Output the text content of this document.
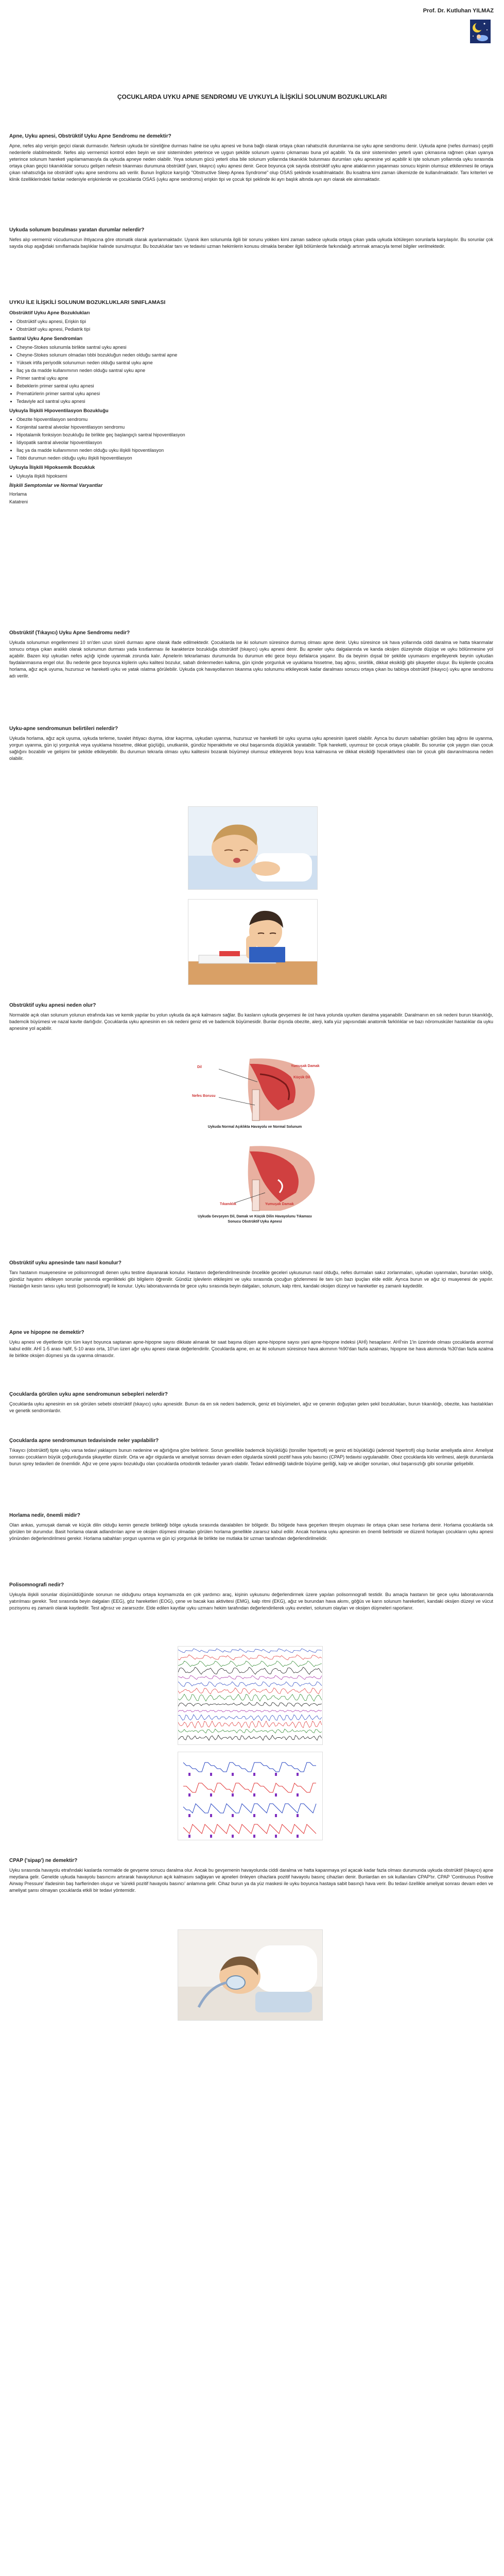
Prof. Dr. Kutluhan YILMAZ
ÇOCUKLARDA UYKU APNE SENDROMU VE UYKUYLA İLİŞKİLİ SOLUNUM BOZUKLUKLARI
Apne, Uyku apnesi, Obstrüktif Uyku Apne Sendromu ne demektir?
Apne, nefes alıp verişin geçici olarak durmasıdır. Nefesin uykuda bir süreliğine durması haline ise uyku apnesi ve buna bağlı olarak ortaya çıkan rahatsızlık durumlarına ise uyku apne sendromu denir. Uykuda apne (nefes durması) çeşitli nedenlerle olabilmektedir. Nefes alıp vermemizi kontrol eden beyin ve sinir sisteminden yeterince ve uygun şekilde solunum uyarısı çıkmaması buna yol açabilir. Ya da sinir sisteminden yeterli uyarı çıkmasına rağmen çıkan uyarıya yeterince solunum hareketi yapılamamasıyla da uykuda apneye neden olabilir. Yeya solunum gücü yeterli olsa bile solunum yollarında tıkanıklık bulunması durumları uyku apnesine yol açabilir ki işte solunum yollarında uyku sırasında ortaya çıkan geçici tıkanıklıklar sonucu gelişen nefesin tıkanması durumuna obstrüktif (yani, tıkayıcı) uyku apnesi denir. Gece boyunca çok sayıda obstrüktif uyku apne ataklarının yaşanması sonucu kişinin olumsuz etkilenmesi ile ortaya çıkan rahatsızlığa ise obstrüktif uyku apne sendromu adı verilir. Bunun İngilizce karşılığı "Obstructive Sleep Apnea Syndrome" olup OSAS şeklinde kısaltılmaktadır. Bu kısaltma kimi zaman ülkemizde de kullanılmaktadır. Tanı kriterleri ve klinik özelliklerindeki farklar nedeniyle erişkinlerde ve çocuklarda OSAS (uyku apne sendromu) erişkin tipi ve çocuk tipi şeklinde iki ayrı başlık altında ayrı ayrı olarak ele alınmaktadır.
Uykuda solunum bozulması yaratan durumlar nelerdir?
Nefes alıp vermemiz vücudumuzun ihtiyacına göre otomatik olarak ayarlanmaktadır. Uyanık iken solunumla ilgili bir sorunu yokken kimi zaman sadece uykuda ortaya çıkan yada uykuda kötüleşen sorunlarla karşılaşılır. Bu sorunlar çok sayıda olup aşağıdaki sınıflamada başlıklar halinde sunulmuştur. Bu bozukluklar tanı ve tedavisi uzman hekimlerin konusu olmakla beraber ilgili bölümlerde farkındalığı artırmak amacıyla temel bilgiler verilmektedir.
UYKU İLE İLİŞKİLİ SOLUNUM BOZUKLUKLARI SINIFLAMASI
Obstrüktif Uyku Apne Bozuklukları
• Obstrüktif uyku apnesi, Erişkin tipi
• Obstrüktif uyku apnesi, Pediatrik tipi
Santral Uyku Apne Sendromları
• Cheyne-Stokes solunumla birlikte santral uyku apnesi
• Cheyne-Stokes solunum olmadan tıbbi bozukluğun neden olduğu santral apne
• Yüksek irtifa periyodik solunumun neden olduğu santral uyku apne
• İlaç ya da madde kullanımının neden olduğu santral uyku apne
• Primer santral uyku apne
• Bebeklerin primer santral uyku apnesi
• Prematürlerin primer santral uyku apnesi
• Tedaviyle acil santral uyku apnesi
Uykuyla İlişkili Hipoventilasyon Bozukluğu
• Obezite hipoventilasyon sendromu
• Konjenital santral alveolar hipoventilasyon sendromu
• Hipotalamik fonksiyon bozukluğu ile birlikte geç başlangıçlı santral hipoventilasyon
• İdiyopatik santral alveolar hipoventilasyon
• İlaç ya da madde kullanımının neden olduğu uyku ilişkili hipoventilasyon
• Tıbbi durumun neden olduğu uyku ilişkili hipoventilasyon
Uykuyla İlişkili Hipoksemik Bozukluk
• Uykuyla ilişkili hipoksemi
İlişkili Semptomlar ve Normal Varyantlar
Horlama
Katatreni
Obstrüktif (Tıkayıcı) Uyku Apne Sendromu nedir?
Uykuda solunumun engellenmesi 10 sn'den uzun süreli durması apne olarak ifade edilmektedir. Çocuklarda ise iki solunum süresince durmuş olması apne denir. Uyku süresince sık hava yollarında ciddi daralma ve hatta tıkanmalar sonucu ortaya çıkan aralıklı olarak solunumun durması yada kısıtlanması ile karakterize bozukluğa obstrüktif (tıkayıcı) uyku apnesi denir. Bu apneler uyku dalgalarında ve kanda oksijen düzeyinde düşüşe ve uyku bölünmesine yol açabilir. Bazen kişi uykudan nefes açlığı içinde uyanmak zorunda kalır. Apnelerin tekrarlaması durumunda bu durumun etki gece boyu defalarca yaşanır. Bu da beyinin dışsal bir şekilde uyumasını engelleyerek beynin uykudan faydalanmasına engel olur. Bu nedenle gece boyunca kişilerin uyku kalitesi bozulur, sabah dinlenmeden kalkma, gün içinde yorgunluk ve uyuklama hissetme, baş ağrısı, sinirlilik, dikkat eksikliği gibi şikayetler oluşur. Bu kişilerde çocukta horlama, ağız açık uyuma, huzursuz ve hareketli uyku ve yatak ıslatma görülebilir. Uykuda çok havayollarının tıkanma uyku solunumu etkileyecek kadar daralması sonucu ortaya çıkan bu tabloya obstrüktif (tıkayıcı) uyku apne sendromu adı verilir.
Uyku-apne sendromunun belirtileri nelerdir?
Uykuda horlama, ağız açık uyuma, uykuda terleme, tuvalet ihtiyacı duyma, idrar kaçırma, uykudan uyanma, huzursuz ve hareketli bir uyku uyuma uyku apnesinin işareti olabilir. Ayrıca bu durum sabahları görülen baş ağrısı ile uyanma, yorgun uyanma, gün içi yorgunluk veya uyuklama hissetme, dikkat güçlüğü, unutkanlık, gündüz hiperaktivite ve okul başarısında düşüklük yaratabilir. Tipik hareketli, uyumsuz bir çocuk ortaya çıkabilir. Bu sorunlar çok yaygın olan çocuk sağlığını bozabilir ve gelişimi bir şekilde etkileyebilir. Bu durumun tekrarla olması uyku kalitesini bozarak büyümeyi olumsuz etkileyerek boyu kısa kalmasına ve dikkat eksikliği hiperaktivitesi olan bir çocuk gibi davranılmasına neden olabilir.
Obstrüktif uyku apnesi neden olur?
Normalde açık olan solunum yolunun etrafında kas ve kemik yapılar bu yolun uykuda da açık kalmasını sağlar. Bu kasların uykuda gevşemesi ile üst hava yolunda uyurken daralma yaşanabilir. Daralmanın en sık nedeni burun tıkanıklığı, bademcik büyümesi ve nazal kavite darlığıdır. Çocuklarda uyku apnesinin en sık nedeni geniz eti ve bademcik büyümesidir. Bunlar dışında obezite, alerji, kafa yüz yapısındaki anatomik farklılıklar ve bazı nöromusküler hastalıklar da uyku apnesine yol açabilir.
Dil
Nefes Borusu
Yumuşak Damak
Küçük Dil
Uykuda Normal Açıklıkta Havayolu ve Normal Solunum
Tıkanıklık	Yumuşak Damak
Uykuda Gevşeyen Dil, Damak ve Küçük Dilin Havayolunu Tıkaması Sonucu Obstrüktif Uyku Apnesi
Obstrüktif uyku apnesinde tanı nasıl konulur?
Tanı hastanın muayenesine ve polisomnografi denen uyku testine dayanarak konulur. Hastanın değerlendirilmesinde öncelikle geceleri uykusunun nasıl olduğu, nefes durmaları sakız zorlanmaları, uykudan uyanmaları, burunları sıklığı, gündüz hayatını etkileyen sorunlar yanında ergenlikteki gibi bilgilerin öğrenilir. Gündüz işlevlerin etkileşimi ve uyku sırasında çocuğun gözlenmesi ile tanı için bazı ipuçları elde edilir. Ayrıca burun ve ağız içi muayenesi de yapılır. Hastalığın kesin tanısı uyku testi (polisomnografi) ile konulur. Uyku laboratuvarında bir gece uyku sırasında beyin dalgaları, solunum, kalp ritmi, kandaki oksijen düzeyi ve hareketler eş zamanlı kaydedilir.
Apne ve hipopne ne demektir?
Uyku apnesi ve diyetlerde için tüm kayıt boyunca saptanan apne-hipopne sayısı dikkate alınarak bir saat başına düşen apne-hipopne sayısı yani apne-hipopne indeksi (AHİ) hesaplanır. AHİ'nin 1'in üzerinde olması çocuklarda anormal kabul edilir. AHİ 1-5 arası hafif, 5-10 arası orta, 10'un üzeri ağır uyku apnesi olarak değerlendirilir. Çocuklarda apne, en az iki solunum süresince hava akımının %90'dan fazla azalması, hipopne ise hava akımında %30'dan fazla azalma ile birlikte oksijen düşmesi ya da uyanma olmasıdır.
Çocuklarda görülen uyku apne sendromunun sebepleri nelerdir?
Çocuklarda uyku apnesinin en sık görülen sebebi obstrüktif (tıkayıcı) uyku apnesidir. Bunun da en sık nedeni bademcik, geniz eti büyümeleri, ağız ve çenenin doğuştan gelen şekil bozuklukları, burun tıkanıklığı, obezite, kas hastalıkları ve genetik sendromlardır.
Çocuklarda apne sendromunun tedavisinde neler yapılabilir?
Tıkayıcı (obstrüktif) tipte uyku varsa tedavi yaklaşımı bunun nedenine ve ağırlığına göre belirlenir. Sorun genellikle bademcik büyüklüğü (tonsiller hipertrofi) ve geniz eti büyüklüğü (adenoid hipertrofi) olup bunlar ameliyatla alınır. Ameliyat sonrası çocukların büyük çoğunluğunda şikayetler düzelir. Orta ve ağır olgularda ve ameliyat sonrası devam eden olgularda sürekli pozitif hava yolu basıncı (CPAP) tedavisi uygulanabilir. Obez çocuklarda kilo verilmesi, alerjik durumlarda burun sprey tedavileri de önemlidir. Ağız ve çene yapısı bozukluğu olan çocuklarda ortodontik tedaviler yararlı olabilir. Tedavi edilmediği takdirde büyüme geriliği, kalp ve akciğer sorunları, okul başarısızlığı gibi sorunlar gelişebilir.
Horlama nedir, önemli midir?
Olan ankas, yumuşak damak ve küçük dilin olduğu kemin genezle birlikteği bölge uykuda sırasında daralabilen bir bölgedir. Bu bölgede hava geçerken titreşim oluşması ile ortaya çıkan sese horlama denir. Horlama çocuklarda sık görülen bir durumdur. Basit horlama olarak adlandırılan apne ve oksijen düşmesi olmadan görülen horlama genellikle zararsız kabul edilir. Ancak horlama uyku apnesinin en önemli belirtisidir ve düzenli horlayan çocukların uyku apnesi yönünden değerlendirilmesi gerekir. Horlama sabahları yorgun uyanma ve gün içi yorgunluk ile birlikte ise mutlaka bir uzman tarafından değerlendirilmelidir.
Polisomnografi nedir?
Uykuyla ilişkili sorunlar düşünüldüğünde sorunun ne olduğunu ortaya koymamızda en çok yardımcı araç, kişinin uykusunu değerlendirmek üzere yapılan polisomnografi testidir. Bu amaçla hastanın bir gece uyku laboratuvarında yatırılması gerekir. Test sırasında beyin dalgaları (EEG), göz hareketleri (EOG), çene ve bacak kas aktivitesi (EMG), kalp ritmi (EKG), ağız ve burundan hava akımı, göğüs ve karın solunum hareketleri, kandaki oksijen düzeyi ve vücut pozisyonu eş zamanlı olarak kaydedilir. Test ağrısız ve zararsızdır. Elde edilen kayıtlar uyku uzmanı hekim tarafından değerlendirilerek uyku evreleri, solunum olayları ve oksijen düşmeleri raporlanır.
CPAP ('sipap') ne demektir?
Uyku sırasında havayolu etrafındaki kaslarda normalde de gevşeme sonucu daralma olur. Ancak bu gevşemenin havayolunda ciddi daralma ve hatta kapanmaya yol açacak kadar fazla olması durumunda uykuda obstrüktif (tıkayıcı) apne meydana gelir. Genelde uykuda havayolu basıncını artırarak havayolunun açık kalmasını sağlayan ve apneleri önleyen cihazlara pozitif havayolu basınç cihazları denir. Bunlardan en sık kullanılanı CPAP'tır. CPAP 'Continuous Positive Airway Pressure' ifadesinin baş harflerinden oluşur ve 'sürekli pozitif havayolu basıncı' anlamına gelir. Cihaz burun ya da yüz maskesi ile uyku boyunca hastaya sabit basınçlı hava verir. Bu tedavi özellikle ameliyat sonrası devam eden ve ameliyat şansı olmayan çocuklarda etkili bir tedavi yöntemidir.
